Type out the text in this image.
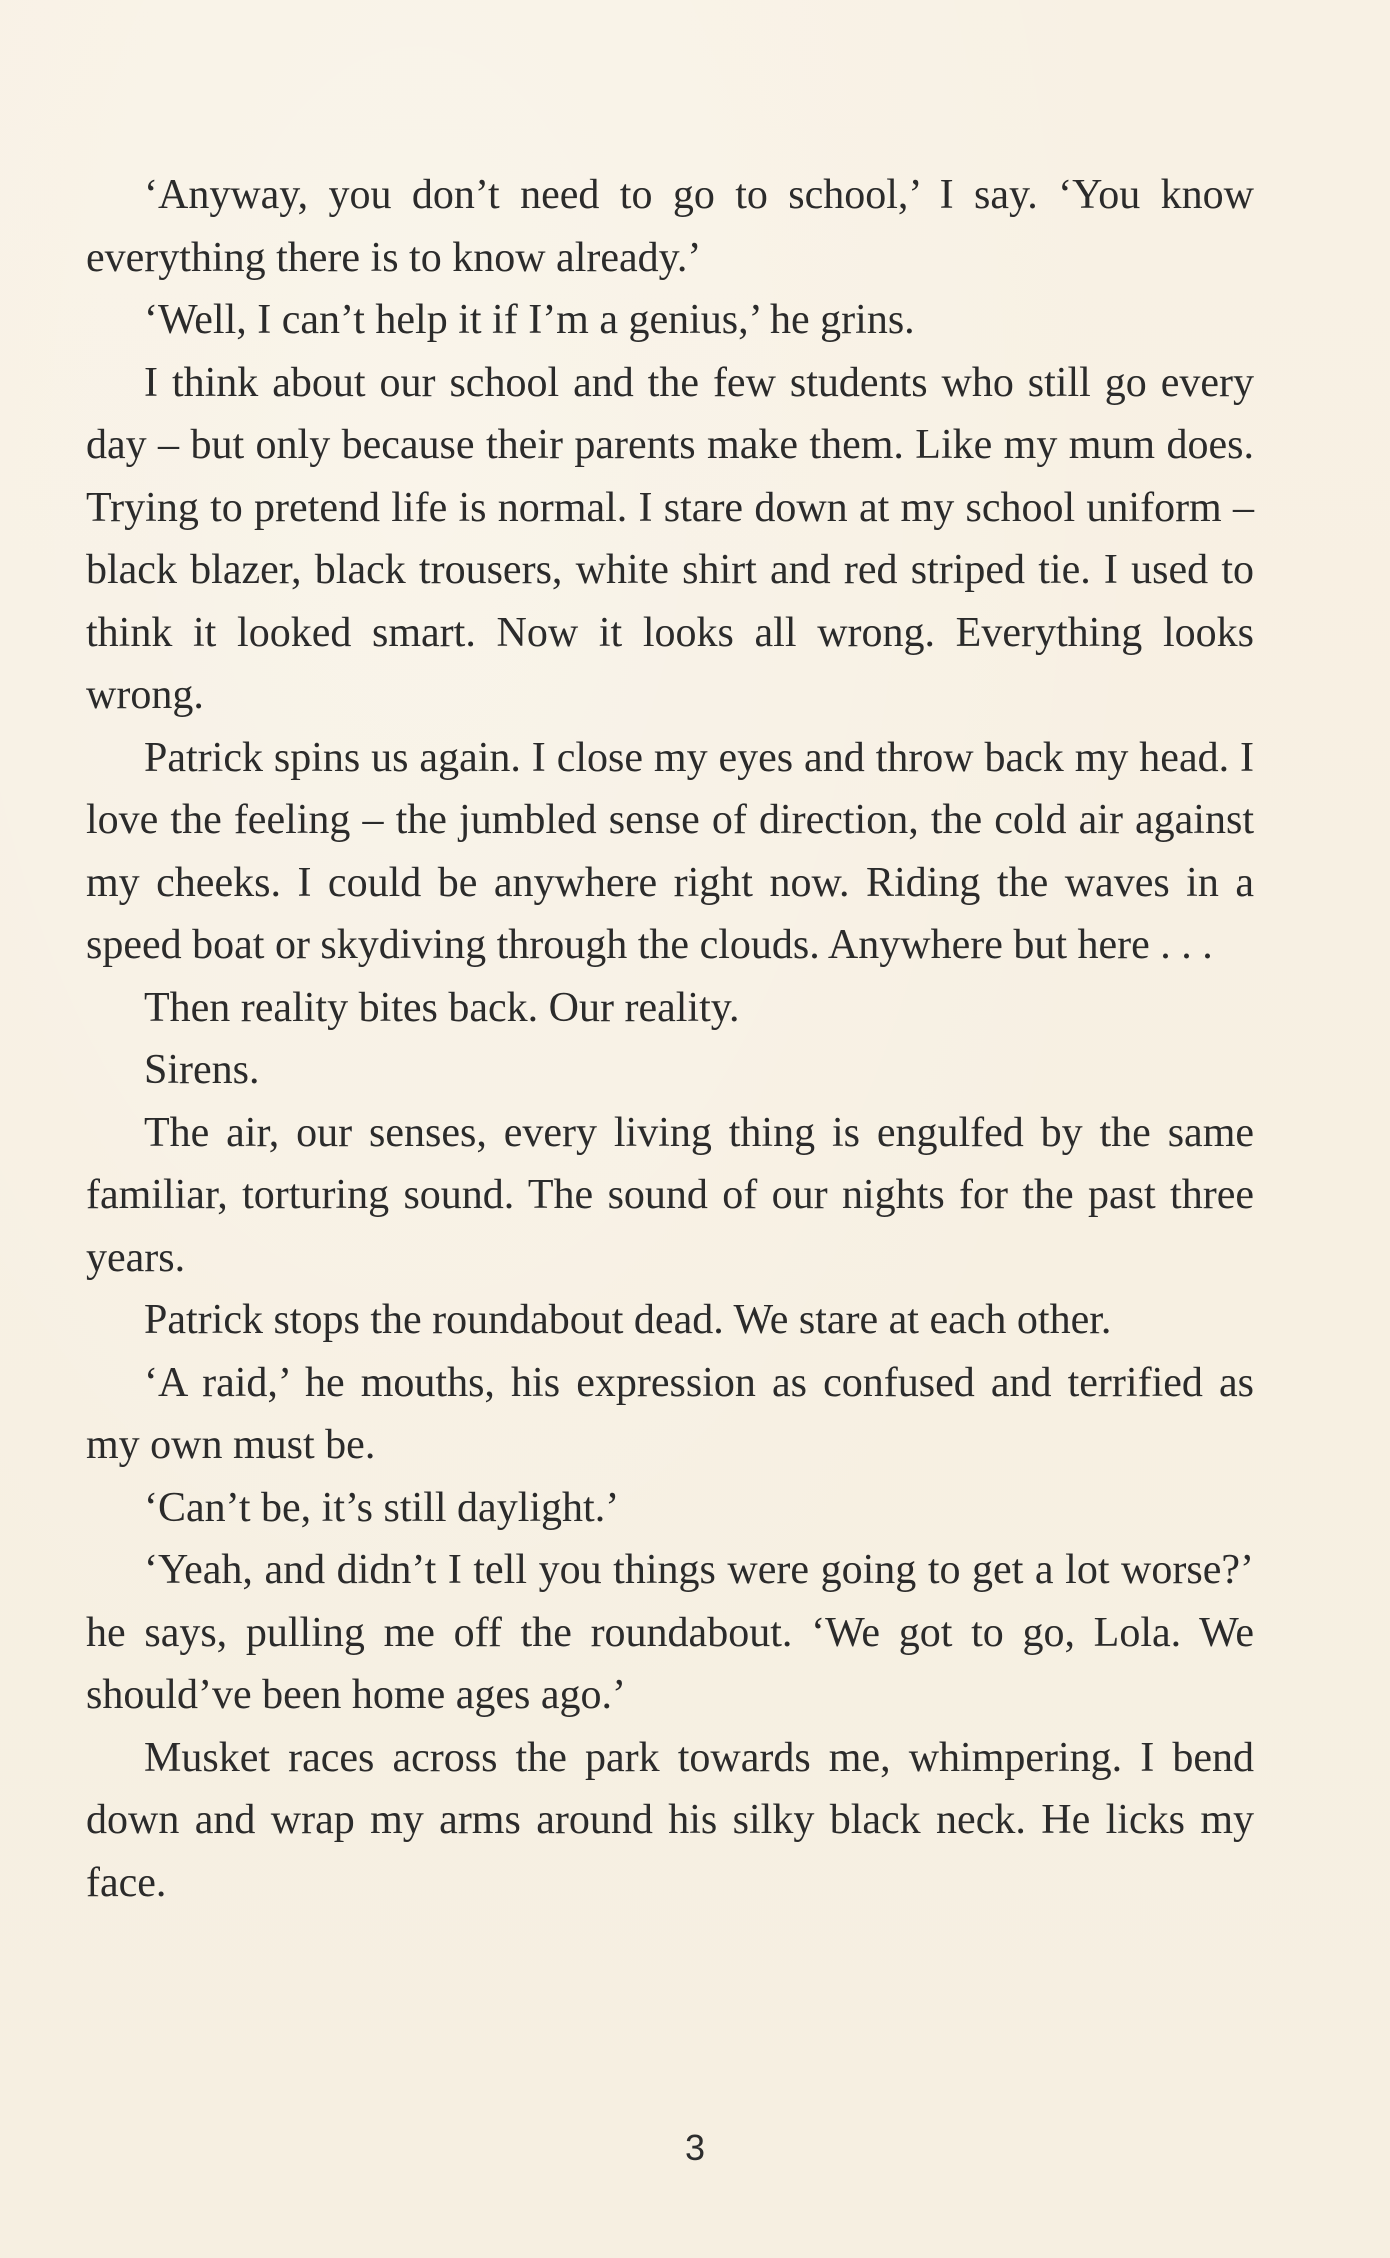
‘Anyway, you don’t need to go to school,’ I say. ‘You know everything there is to know already.’

‘Well, I can’t help it if I’m a genius,’ he grins.

I think about our school and the few students who still go every day – but only because their parents make them. Like my mum does. Trying to pretend life is normal. I stare down at my school uniform – black blazer, black trousers, white shirt and red striped tie. I used to think it looked smart. Now it looks all wrong. Everything looks wrong.

Patrick spins us again. I close my eyes and throw back my head. I love the feeling – the jumbled sense of direction, the cold air against my cheeks. I could be anywhere right now. Riding the waves in a speed boat or skydiving through the clouds. Anywhere but here . . .

Then reality bites back. Our reality.

Sirens.

The air, our senses, every living thing is engulfed by the same familiar, torturing sound. The sound of our nights for the past three years.

Patrick stops the roundabout dead. We stare at each other.

‘A raid,’ he mouths, his expression as confused and terrified as my own must be.

‘Can’t be, it’s still daylight.’

‘Yeah, and didn’t I tell you things were going to get a lot worse?’ he says, pulling me off the roundabout. ‘We got to go, Lola. We should’ve been home ages ago.’

Musket races across the park towards me, whimpering. I bend down and wrap my arms around his silky black neck. He licks my face.

3
